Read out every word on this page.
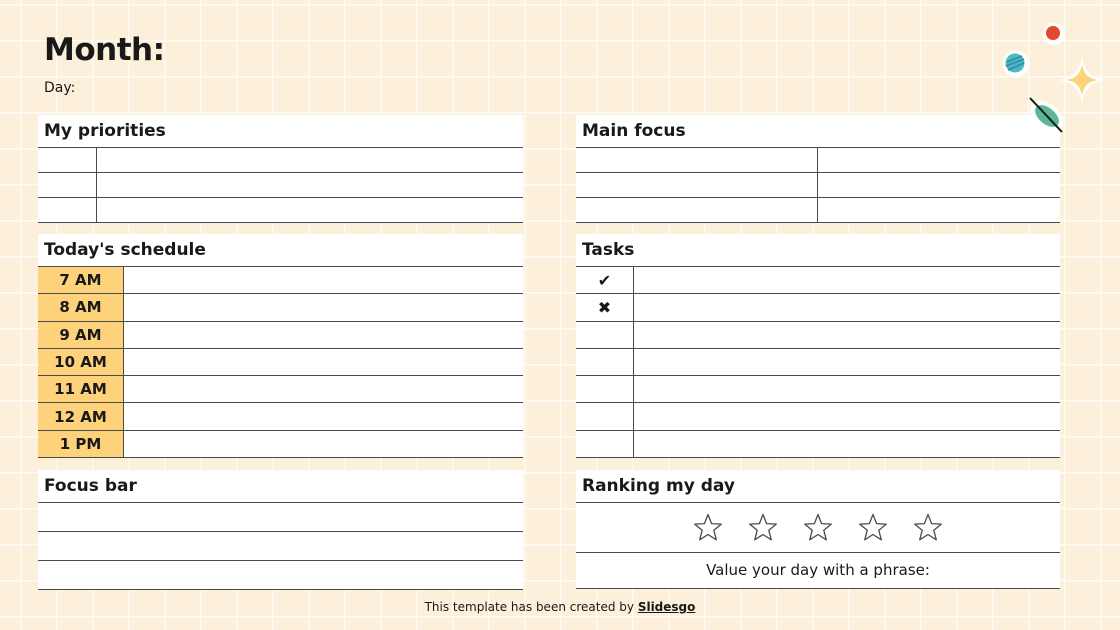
Month:
Day:
My priorities	Main focus
Today's schedule
7 AM
8 AM
9 AM
10 AM
11 AM
12 AM
1 PM
Tasks
✔
✖
Focus bar	Ranking my day
Value your day with a phrase:
This template has been created by Slidesgo
